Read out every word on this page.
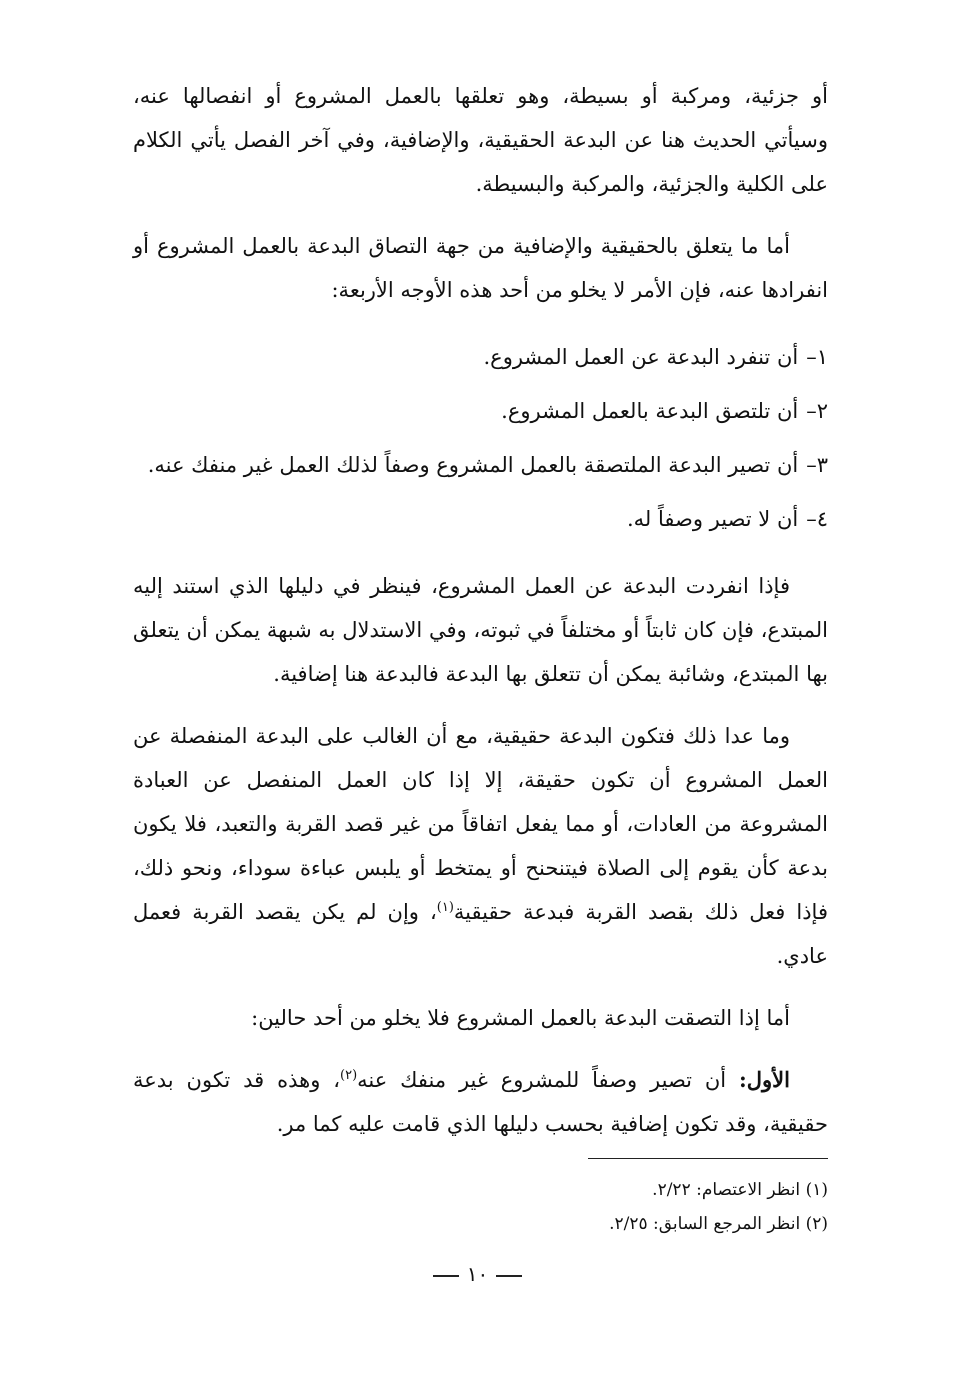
أو جزئية، ومركبة أو بسيطة، وهو تعلقها بالعمل المشروع أو انفصالها عنه، وسيأتي الحديث هنا عن البدعة الحقيقية، والإضافية، وفي آخر الفصل يأتي الكلام على الكلية والجزئية، والمركبة والبسيطة.

أما ما يتعلق بالحقيقية والإضافية من جهة التصاق البدعة بالعمل المشروع أو انفرادها عنه، فإن الأمر لا يخلو من أحد هذه الأوجه الأربعة:

١–أن تنفرد البدعة عن العمل المشروع.
٢–أن تلتصق البدعة بالعمل المشروع.
٣–أن تصير البدعة الملتصقة بالعمل المشروع وصفاً لذلك العمل غير منفك عنه.
٤–أن لا تصير وصفاً له.

فإذا انفردت البدعة عن العمل المشروع، فينظر في دليلها الذي استند إليه المبتدع، فإن كان ثابتاً أو مختلفاً في ثبوته، وفي الاستدلال به شبهة يمكن أن يتعلق بها المبتدع، وشائبة يمكن أن تتعلق بها البدعة فالبدعة هنا إضافية.

وما عدا ذلك فتكون البدعة حقيقية، مع أن الغالب على البدعة المنفصلة عن العمل المشروع أن تكون حقيقة، إلا إذا كان العمل المنفصل عن العبادة المشروعة من العادات، أو مما يفعل اتفاقاً من غير قصد القربة والتعبد، فلا يكون بدعة كأن يقوم إلى الصلاة فيتنحنح أو يمتخط أو يلبس عباءة سوداء، ونحو ذلك، فإذا فعل ذلك بقصد القربة فبدعة حقيقية$^{(١)}$، وإن لم يكن يقصد القربة فعمل عادي.

أما إذا التصقت البدعة بالعمل المشروع فلا يخلو من أحد حالين:

الأول: أن تصير وصفاً للمشروع غير منفك عنه$^{(٢)}$، وهذه قد تكون بدعة حقيقية، وقد تكون إضافية بحسب دليلها الذي قامت عليه كما مر.

(١) انظر الاعتصام: ٢/٢٢.
(٢) انظر المرجع السابق: ٢/٢٥.
١٠
